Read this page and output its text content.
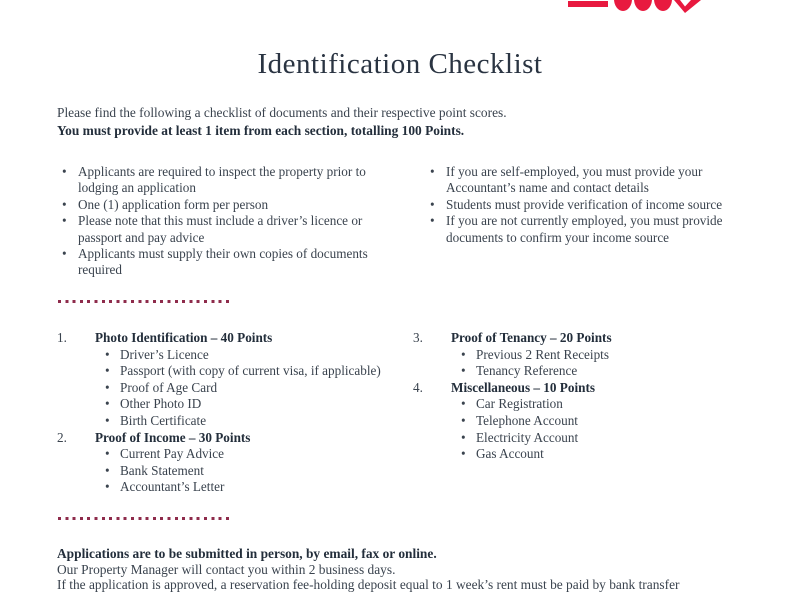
Identification Checklist
Please find the following a checklist of documents and their respective point scores.
You must provide at least 1 item from each section, totalling 100 Points.
• Applicants are required to inspect the property prior to lodging an application
• One (1) application form per person
• Please note that this must include a driver’s licence or passport and pay advice
• Applicants must supply their own copies of documents required
• If you are self-employed, you must provide your Accountant’s name and contact details
• Students must provide verification of income source
• If you are not currently employed, you must provide documents to confirm your income source
1.	Photo Identification – 40 Points
• Driver’s Licence
• Passport (with copy of current visa, if applicable)
• Proof of Age Card
• Other Photo ID
• Birth Certificate
2.	Proof of Income – 30 Points
• Current Pay Advice
• Bank Statement
• Accountant’s Letter
3.	Proof of Tenancy – 20 Points
• Previous 2 Rent Receipts
• Tenancy Reference
4.	Miscellaneous – 10 Points
• Car Registration
• Telephone Account
• Electricity Account
• Gas Account
Applications are to be submitted in person, by email, fax or online.
Our Property Manager will contact you within 2 business days.
If the application is approved, a reservation fee-holding deposit equal to 1 week’s rent must be paid by bank transfer
